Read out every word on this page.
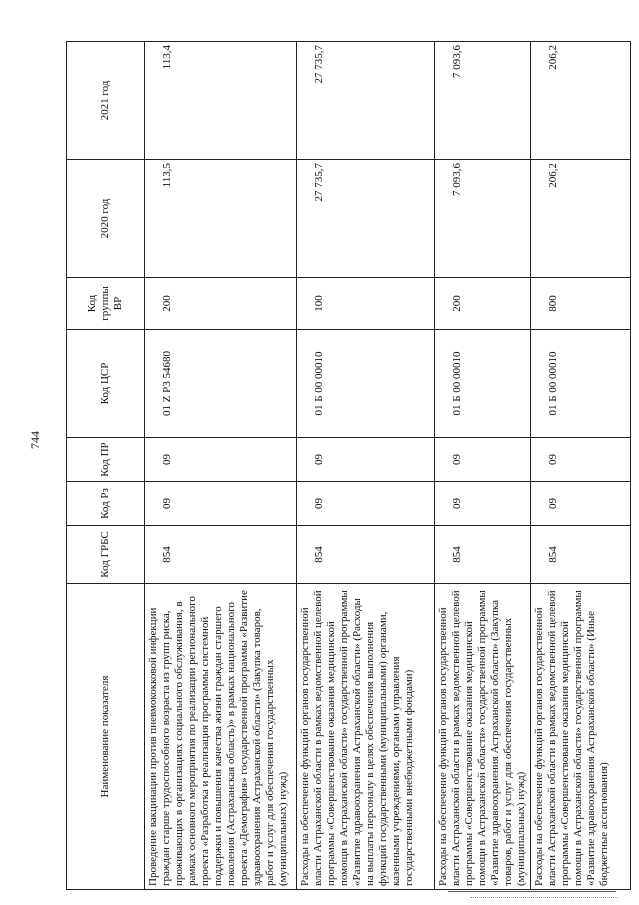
744
Наименование показателя	Код ГРБС	Код Рз	Код ПР	Код ЦСР	Код группы ВР	2020 год	2021 год
Проведение вакцинации против пневмококковой инфекции граждан старше трудоспособного возраста из групп риска, проживающих в организациях социального обслуживания, в рамках основного мероприятия по реализации регионального проекта «Разработка и реализация программы системной поддержки и повышения качества жизни граждан старшего поколения (Астраханская область)» в рамках национального проекта «Демография» государственной программы «Развитие здравоохранения Астраханской области» (Закупка товаров, работ и услуг для обеспечения государственных (муниципальных) нужд)	854	09	09	01 Z P3 54680	200	113,5	113,4
Расходы на обеспечение функций органов государственной власти Астраханской области в рамках ведомственной целевой программы «Совершенствование оказания медицинской помощи в Астраханской области» государственной программы «Развитие здравоохранения Астраханской области» (Расходы на выплаты персоналу в целях обеспечения выполнения функций государственными (муниципальными) органами, казенными учреждениями, органами управления государственными внебюджетными фондами)	854	09	09	01 Б 00 00010	100	27 735,7	27 735,7
Расходы на обеспечение функций органов государственной власти Астраханской области в рамках ведомственной целевой программы «Совершенствование оказания медицинской помощи в Астраханской области» государственной программы «Развитие здравоохранения Астраханской области» (Закупка товаров, работ и услуг для обеспечения государственных (муниципальных) нужд)	854	09	09	01 Б 00 00010	200	7 093,6	7 093,6
Расходы на обеспечение функций органов государственной власти Астраханской области в рамках ведомственной целевой программы «Совершенствование оказания медицинской помощи в Астраханской области» государственной программы «Развитие здравоохранения Астраханской области» (Иные бюджетные ассигнования)	854	09	09	01 Б 00 00010	800	206,2	206,2
